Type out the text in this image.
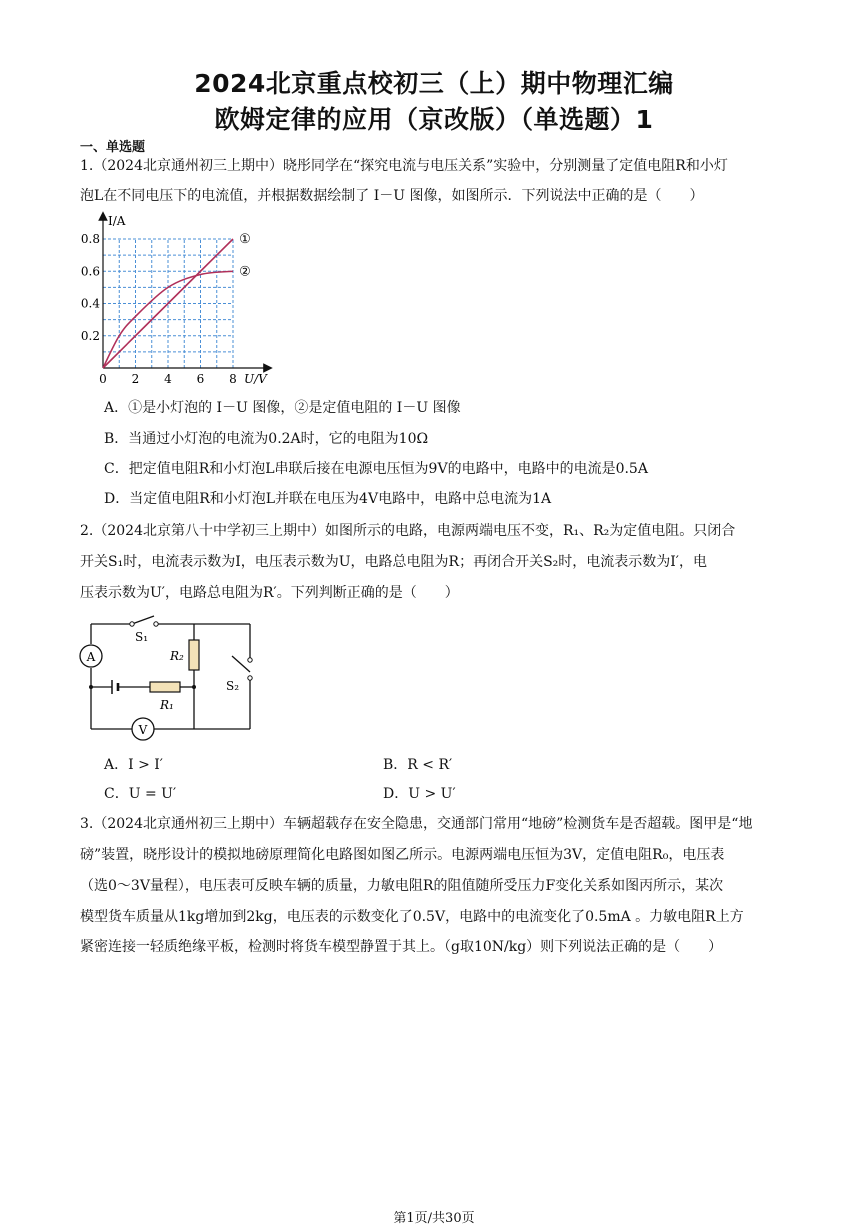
2024北京重点校初三（上）期中物理汇编
欧姆定律的应用（京改版）（单选题）1
一、单选题
1.（2024北京通州初三上期中）晓彤同学在“探究电流与电压关系”实验中，分别测量了定值电阻R和小灯
泡L在不同电压下的电流值，并根据数据绘制了 I－U 图像，如图所示．下列说法中正确的是（　　）
①
②
0 2 4 6 8
0.2
0.4
0.6
0.8
I/A
U/V
A．①是小灯泡的 I－U 图像，②是定值电阻的 I－U 图像
B．当通过小灯泡的电流为0.2A时，它的电阻为10Ω
C．把定值电阻R和小灯泡L串联后接在电源电压恒为9V的电路中，电路中的电流是0.5A
D．当定值电阻R和小灯泡L并联在电压为4V电路中，电路中总电流为1A
2.（2024北京第八十中学初三上期中）如图所示的电路，电源两端电压不变，R₁、R₂为定值电阻。只闭合
开关S₁时，电流表示数为I，电压表示数为U，电路总电阻为R；再闭合开关S₂时，电流表示数为I′，电
压表示数为U′，电路总电阻为R′。下列判断正确的是（　　）
A
V
S₁
R₂
R₁
S₂
A．I > I′	B．R < R′
C．U = U′	D．U > U′
3.（2024北京通州初三上期中）车辆超载存在安全隐患，交通部门常用“地磅”检测货车是否超载。图甲是“地
磅”装置，晓彤设计的模拟地磅原理简化电路图如图乙所示。电源两端电压恒为3V，定值电阻R₀，电压表
（选0～3V量程），电压表可反映车辆的质量，力敏电阻R的阻值随所受压力F变化关系如图丙所示，某次
模型货车质量从1kg增加到2kg，电压表的示数变化了0.5V，电路中的电流变化了0.5mA 。力敏电阻R上方
紧密连接一轻质绝缘平板，检测时将货车模型静置于其上。（g取10N/kg）则下列说法正确的是（　　）
第1页/共30页
